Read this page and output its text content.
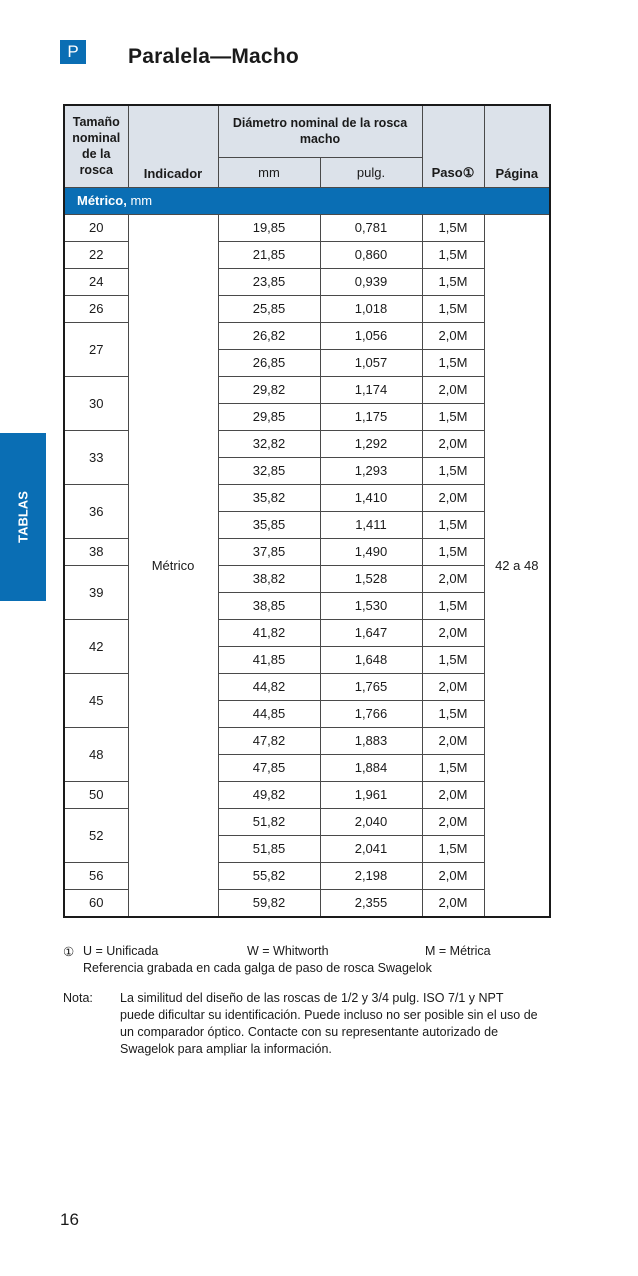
P	Paralela—Macho
TABLAS
Tamaño nominal de la rosca	Indicador	Diámetro nominal de la rosca macho		Paso①	Página
		mm	pulg.		
Métrico, mm					
20	Métrico	19,85	0,781	1,5M	42 a 48
22		21,85	0,860	1,5M	
24		23,85	0,939	1,5M	
26		25,85	1,018	1,5M	
27		26,82	1,056	2,0M	
		26,85	1,057	1,5M	
30		29,82	1,174	2,0M	
		29,85	1,175	1,5M	
33		32,82	1,292	2,0M	
		32,85	1,293	1,5M	
36		35,82	1,410	2,0M	
		35,85	1,411	1,5M	
38		37,85	1,490	1,5M	
39		38,82	1,528	2,0M	
		38,85	1,530	1,5M	
42		41,82	1,647	2,0M	
		41,85	1,648	1,5M	
45		44,82	1,765	2,0M	
		44,85	1,766	1,5M	
48		47,82	1,883	2,0M	
		47,85	1,884	1,5M	
50		49,82	1,961	2,0M	
52		51,82	2,040	2,0M	
		51,85	2,041	1,5M	
56		55,82	2,198	2,0M	
60		59,82	2,355	2,0M	
① U = Unificada	W = Whitworth	M = Métrica
Referencia grabada en cada galga de paso de rosca Swagelok
Nota: La similitud del diseño de las roscas de 1/2 y 3/4 pulg. ISO 7/1 y NPT puede dificultar su identificación. Puede incluso no ser posible sin el uso de un comparador óptico. Contacte con su representante autorizado de Swagelok para ampliar la información.
16
